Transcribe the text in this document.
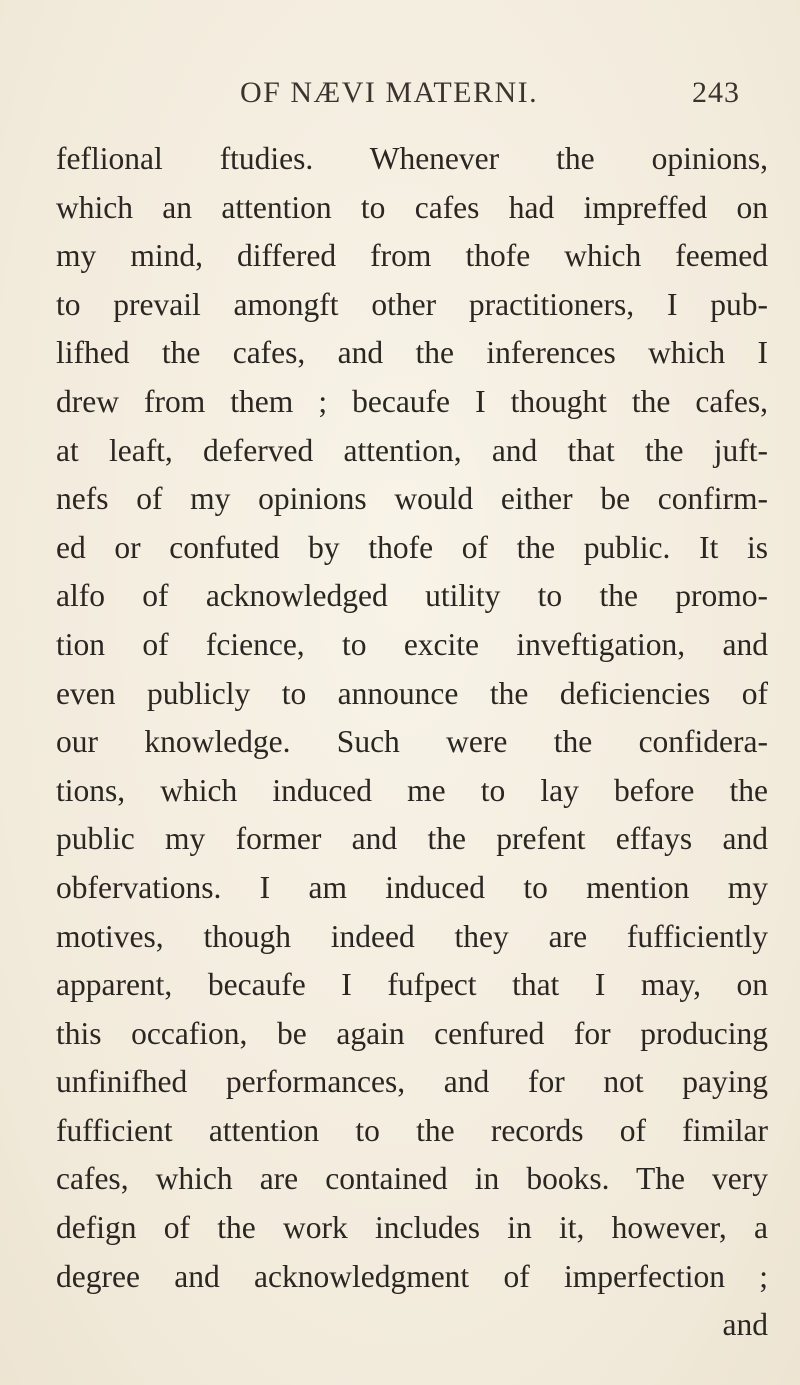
OF NÆVI MATERNI.	243
feflional ftudies. Whenever the opinions,
which an attention to cafes had impreffed on
my mind, differed from thofe which feemed
to prevail amongft other practitioners, I pub-
lifhed the cafes, and the inferences which I
drew from them ; becaufe I thought the cafes,
at leaft, deferved attention, and that the juft-
nefs of my opinions would either be confirm-
ed or confuted by thofe of the public. It is
alfo of acknowledged utility to the promo-
tion of fcience, to excite inveftigation, and
even publicly to announce the deficiencies of
our knowledge. Such were the confidera-
tions, which induced me to lay before the
public my former and the prefent effays and
obfervations. I am induced to mention my
motives, though indeed they are fufficiently
apparent, becaufe I fufpect that I may, on
this occafion, be again cenfured for producing
unfinifhed performances, and for not paying
fufficient attention to the records of fimilar
cafes, which are contained in books. The very
defign of the work includes in it, however, a
degree and acknowledgment of imperfection ;
and
